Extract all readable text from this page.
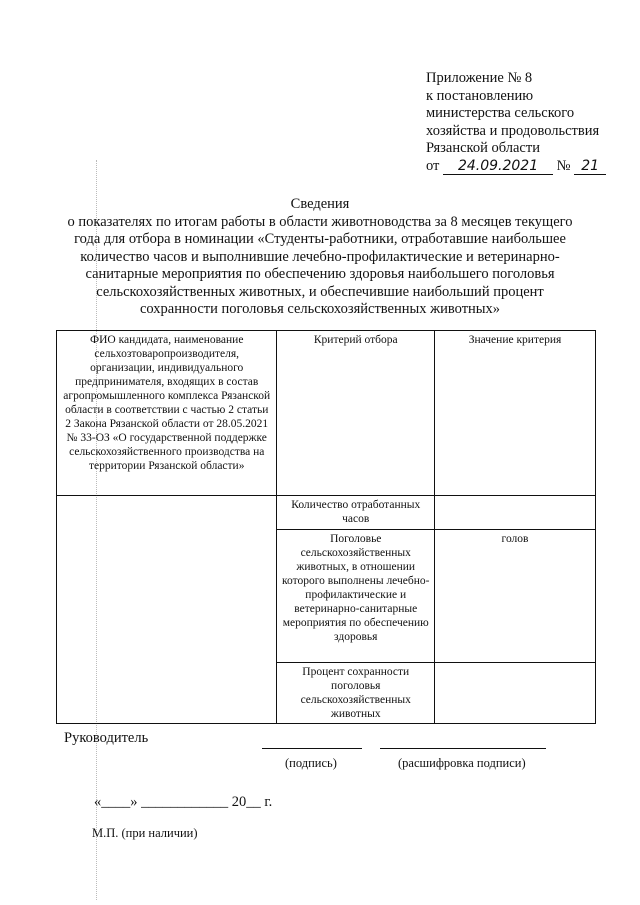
Приложение № 8
к постановлению
министерства сельского
хозяйства и продовольствия
Рязанской области
от 24.09.2021 № 21
Сведения
о показателях по итогам работы в области животноводства за 8 месяцев текущего года для отбора в номинации «Студенты-работники, отработавшие наибольшее количество часов и выполнившие лечебно-профилактические и ветеринарно-санитарные мероприятия по обеспечению здоровья наибольшего поголовья сельскохозяйственных животных, и обеспечившие наибольший процент сохранности поголовья сельскохозяйственных животных»
ФИО кандидата, наименование сельхозтоваропроизводителя, организации, индивидуального предпринимателя, входящих в состав агропромышленного комплекса Рязанской области в соответствии с частью 2 статьи 2 Закона Рязанской области от 28.05.2021 № 33-ОЗ «О государственной поддержке сельскохозяйственного производства на территории Рязанской области»	Критерий отбора	Значение критерия
	Количество отработанных часов	
	Поголовье сельскохозяйственных животных, в отношении которого выполнены лечебно-профилактические и ветеринарно-санитарные мероприятия по обеспечению здоровья	голов
	Процент сохранности поголовья сельскохозяйственных животных	
Руководитель
(подпись)	(расшифровка подписи)
«____» ____________ 20__ г.
М.П. (при наличии)
